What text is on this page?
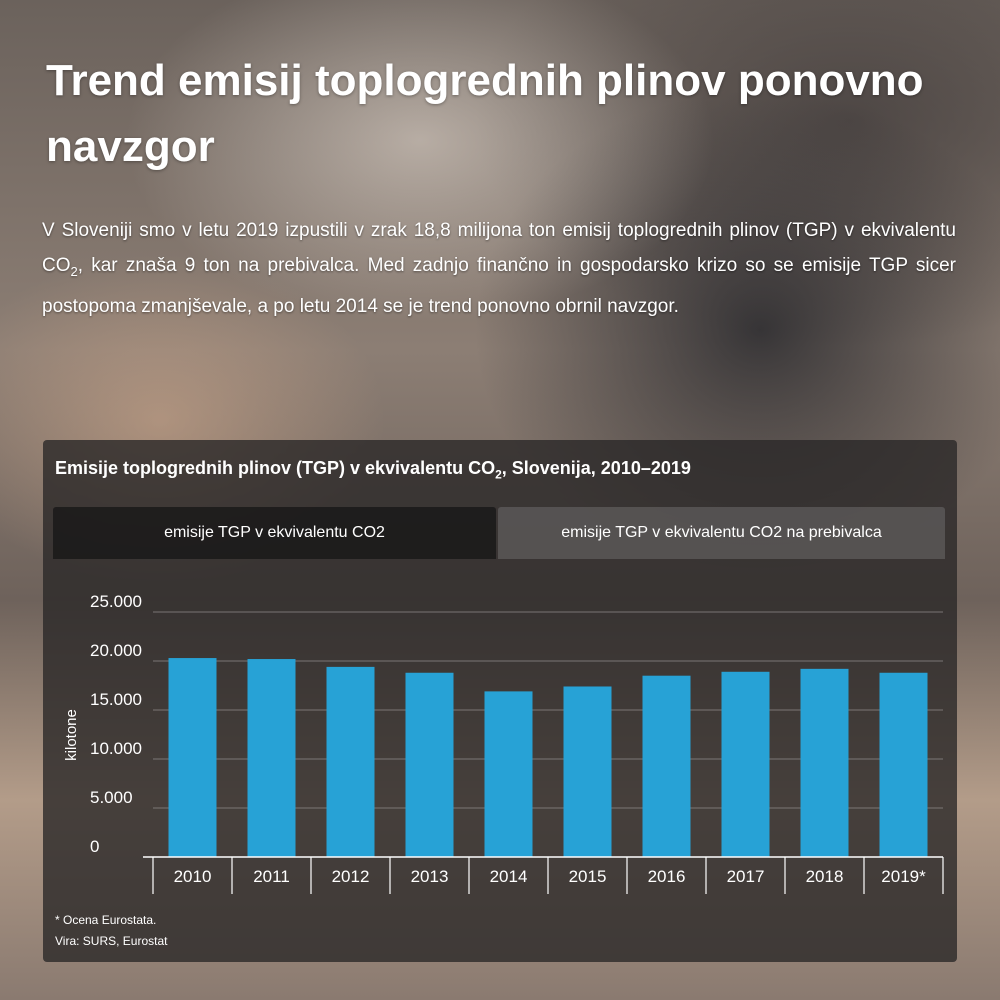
Trend emisij toplogrednih plinov ponovno
navzgor
V Sloveniji smo v letu 2019 izpustili v zrak 18,8 milijona ton emisij toplogrednih plinov (TGP) v ekvivalentu $CO_2$, kar znaša 9 ton na prebivalca. Med zadnjo finančno in gospodarsko krizo so se emisije TGP sicer postopoma zmanjševale, a po letu 2014 se je trend ponovno obrnil navzgor.
Emisije toplogrednih plinov (TGP) v ekvivalentu $CO_2$, Slovenija, 2010–2019
emisije TGP v ekvivalentu CO2	emisije TGP v ekvivalentu CO2 na prebivalca
0
5.000
10.000
15.000
20.000
25.000
kilotone
2010 2011 2012 2013 2014 2015 2016 2017 2018 2019*
* Ocena Eurostata.
Vira: SURS, Eurostat
